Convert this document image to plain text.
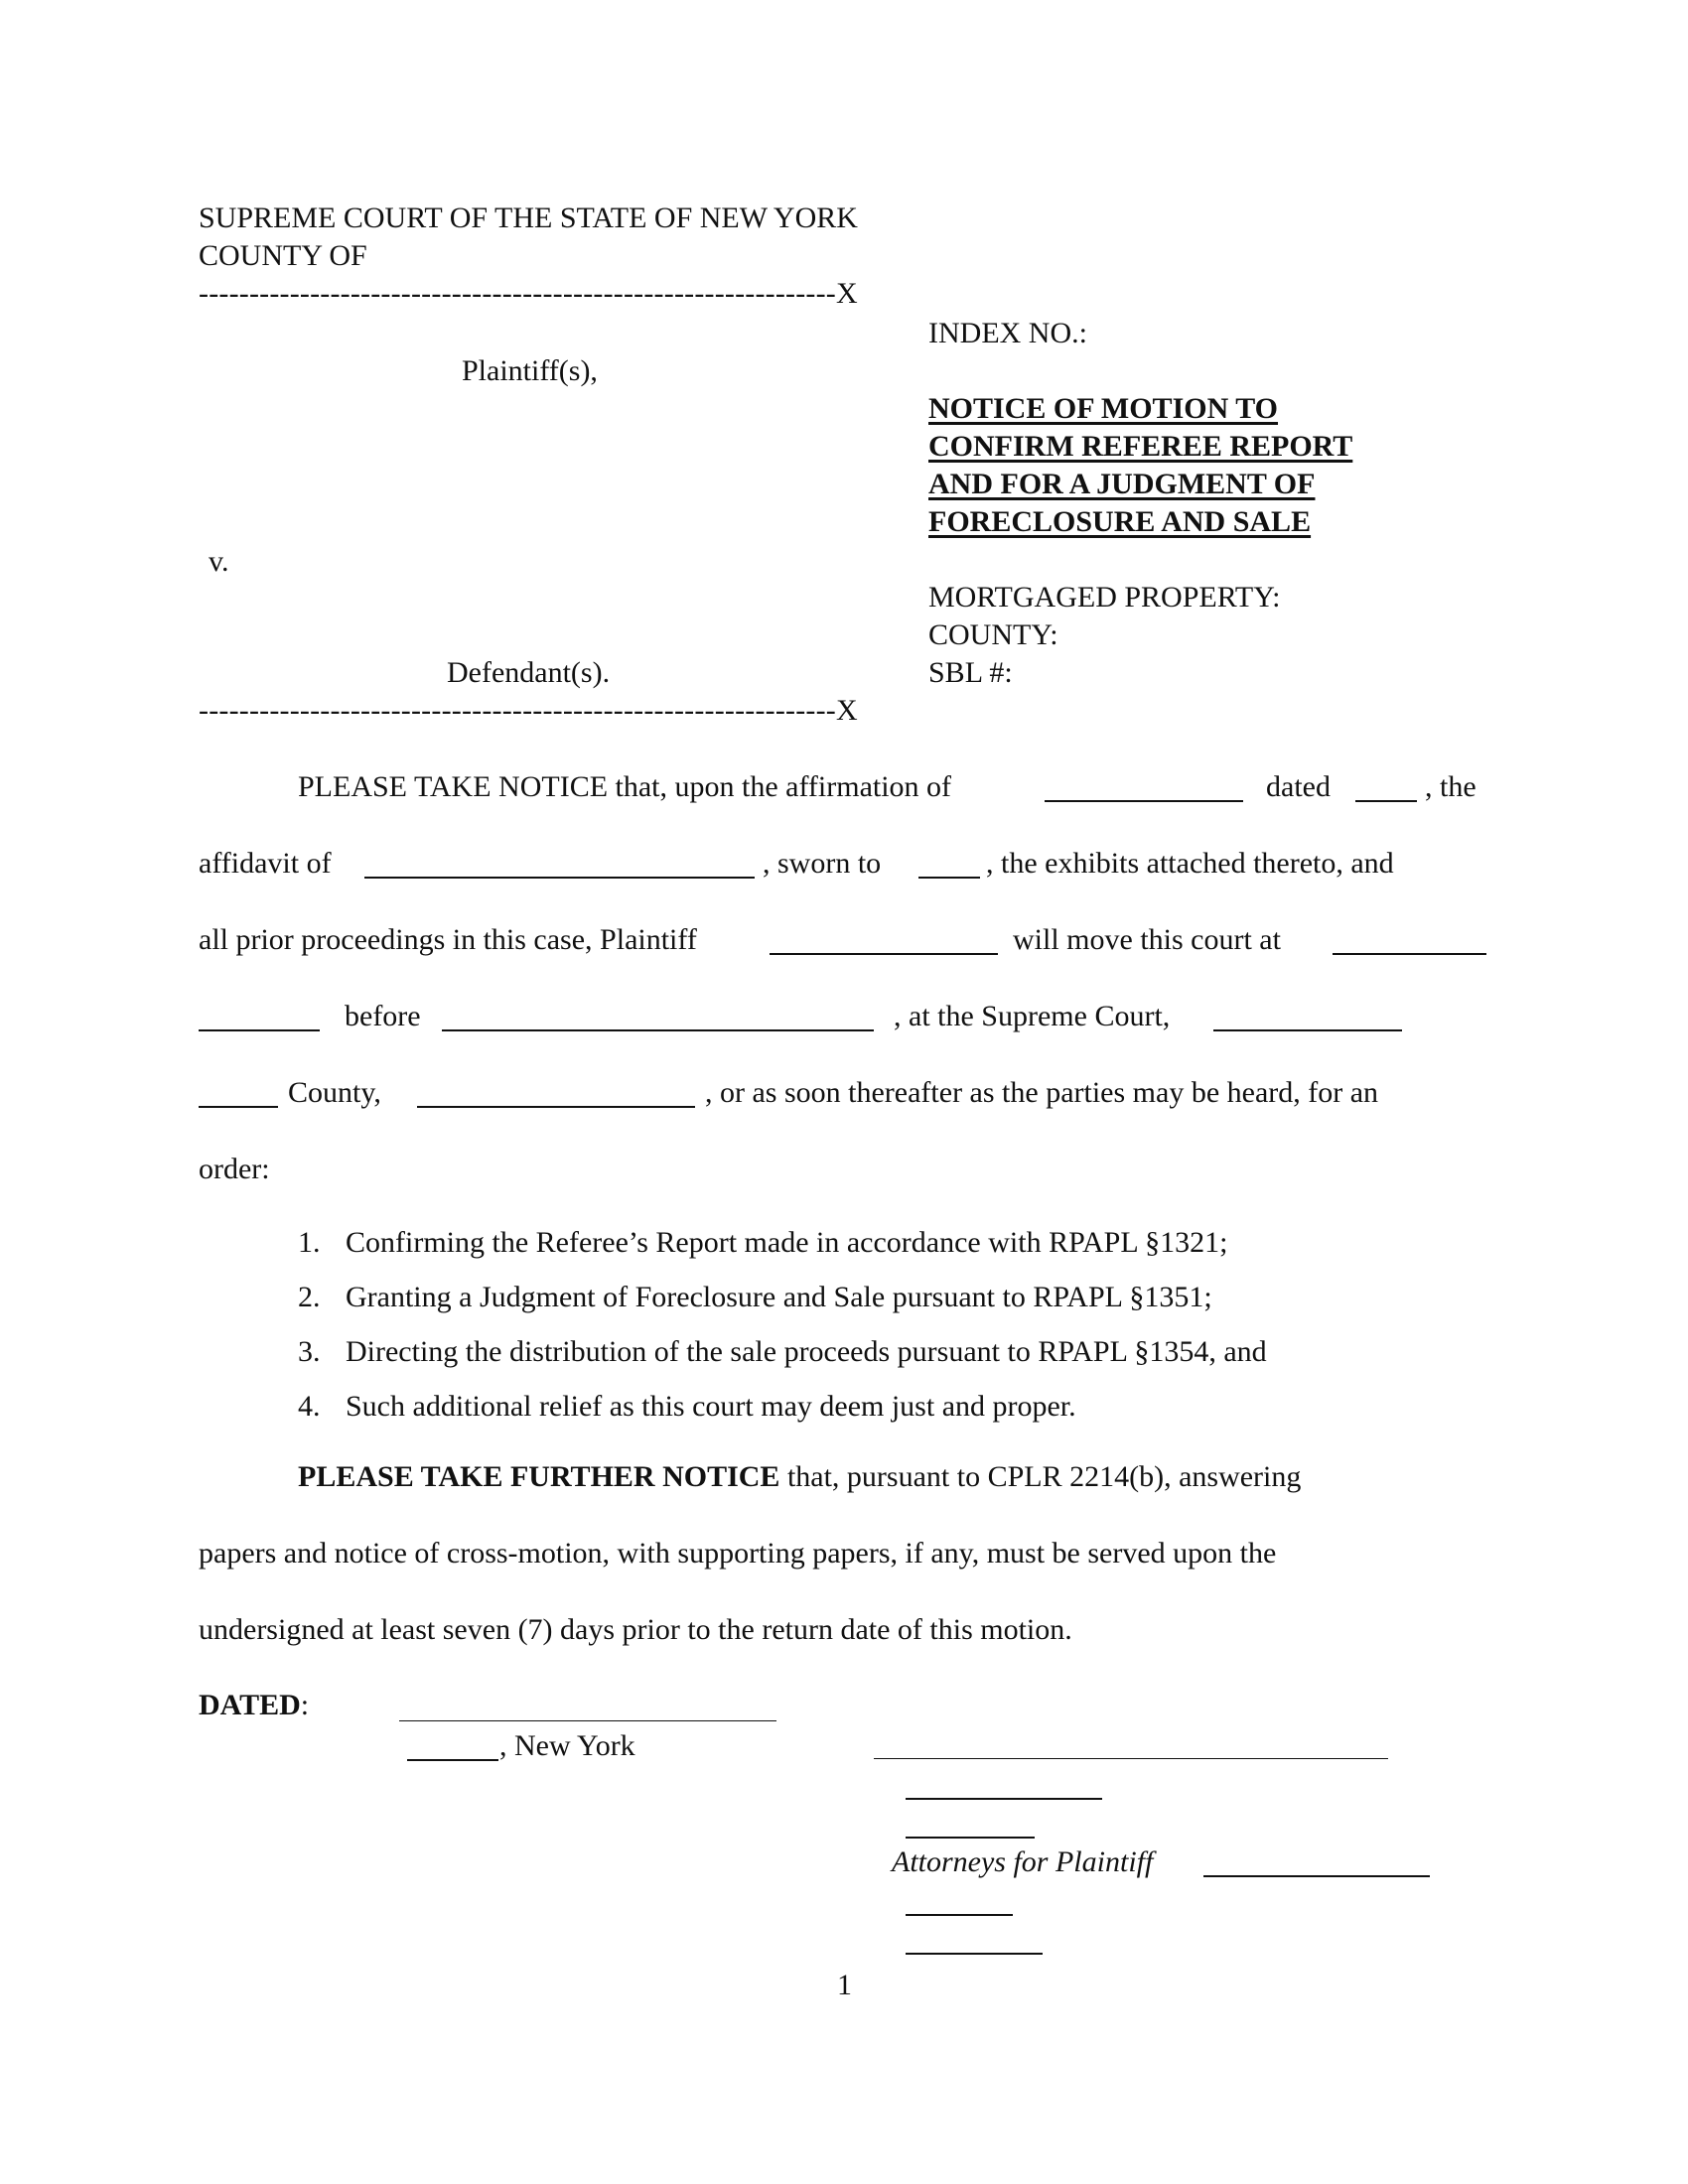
SUPREME COURT OF THE STATE OF NEW YORK
COUNTY OF
---------------------------------------------------------------X
INDEX NO.:
Plaintiff(s),
NOTICE OF MOTION TO
CONFIRM REFEREE REPORT
AND FOR A JUDGMENT OF
FORECLOSURE AND SALE
v.
MORTGAGED PROPERTY:
COUNTY:
Defendant(s).	SBL #:
---------------------------------------------------------------X
PLEASE TAKE NOTICE that, upon the affirmation of	dated	, the
affidavit of	, sworn to	, the exhibits attached thereto, and
all prior proceedings in this case, Plaintiff	will move this court at
before	, at the Supreme Court,
County,	, or as soon thereafter as the parties may be heard, for an
order:
1. Confirming the Referee’s Report made in accordance with RPAPL §1321;
2. Granting a Judgment of Foreclosure and Sale pursuant to RPAPL §1351;
3. Directing the distribution of the sale proceeds pursuant to RPAPL §1354, and
4. Such additional relief as this court may deem just and proper.
PLEASE TAKE FURTHER NOTICE that, pursuant to CPLR 2214(b), answering
papers and notice of cross-motion, with supporting papers, if any, must be served upon the
undersigned at least seven (7) days prior to the return date of this motion.
DATED:
, New York
Attorneys for Plaintiff
1
